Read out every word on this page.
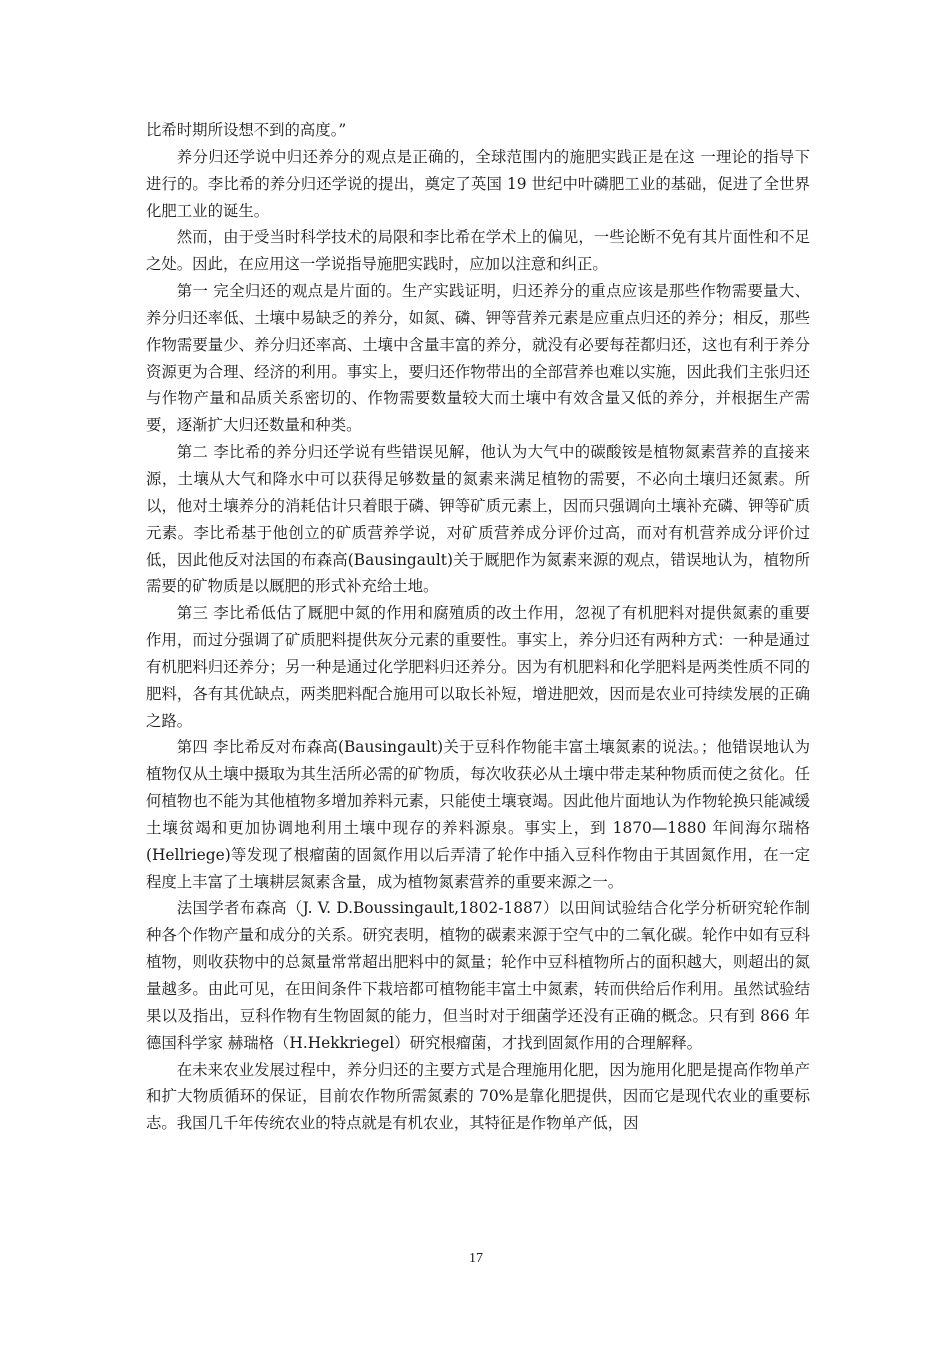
比希时期所设想不到的高度。”

养分归还学说中归还养分的观点是正确的，全球范围内的施肥实践正是在这 一理论的指导下进行的。李比希的养分归还学说的提出，奠定了英国 19 世纪中叶磷肥工业的基础，促进了全世界化肥工业的诞生。

然而，由于受当时科学技术的局限和李比希在学术上的偏见，一些论断不免有其片面性和不足之处。因此，在应用这一学说指导施肥实践时，应加以注意和纠正。

第一 完全归还的观点是片面的。生产实践证明，归还养分的重点应该是那些作物需要量大、养分归还率低、土壤中易缺乏的养分，如氮、磷、钾等营养元素是应重点归还的养分；相反，那些作物需要量少、养分归还率高、土壤中含量丰富的养分，就没有必要每茬都归还，这也有利于养分资源更为合理、经济的利用。事实上，要归还作物带出的全部营养也难以实施，因此我们主张归还与作物产量和品质关系密切的、作物需要数量较大而土壤中有效含量又低的养分，并根据生产需要，逐渐扩大归还数量和种类。

第二 李比希的养分归还学说有些错误见解，他认为大气中的碳酸铵是植物氮素营养的直接来源，土壤从大气和降水中可以获得足够数量的氮素来满足植物的需要，不必向土壤归还氮素。所以，他对土壤养分的消耗估计只着眼于磷、钾等矿质元素上，因而只强调向土壤补充磷、钾等矿质元素。李比希基于他创立的矿质营养学说，对矿质营养成分评价过高，而对有机营养成分评价过低，因此他反对法国的布森高(Bausingault)关于厩肥作为氮素来源的观点，错误地认为，植物所需要的矿物质是以厩肥的形式补充给土地。

第三 李比希低估了厩肥中氮的作用和腐殖质的改土作用，忽视了有机肥料对提供氮素的重要作用，而过分强调了矿质肥料提供灰分元素的重要性。事实上，养分归还有两种方式：一种是通过有机肥料归还养分；另一种是通过化学肥料归还养分。因为有机肥料和化学肥料是两类性质不同的肥料，各有其优缺点，两类肥料配合施用可以取长补短，增进肥效，因而是农业可持续发展的正确之路。

第四 李比希反对布森高(Bausingault)关于豆科作物能丰富土壤氮素的说法。；他错误地认为植物仅从土壤中摄取为其生活所必需的矿物质，每次收获必从土壤中带走某种物质而使之贫化。任何植物也不能为其他植物多增加养料元素，只能使土壤衰竭。因此他片面地认为作物轮换只能减缓土壤贫竭和更加协调地利用土壤中现存的养料源泉。事实上，到 1870—1880 年间海尔瑞格(Hellriege)等发现了根瘤菌的固氮作用以后弄清了轮作中插入豆科作物由于其固氮作用，在一定程度上丰富了土壤耕层氮素含量，成为植物氮素营养的重要来源之一。

法国学者布森高（J. V. D.Boussingault,1802-1887）以田间试验结合化学分析研究轮作制种各个作物产量和成分的关系。研究表明，植物的碳素来源于空气中的二氧化碳。轮作中如有豆科植物，则收获物中的总氮量常常超出肥料中的氮量；轮作中豆科植物所占的面积越大，则超出的氮量越多。由此可见，在田间条件下栽培都可植物能丰富土中氮素，转而供给后作利用。虽然试验结果以及指出，豆科作物有生物固氮的能力，但当时对于细菌学还没有正确的概念。只有到 866 年德国科学家 赫瑞格（H.Hekkriegel）研究根瘤菌，才找到固氮作用的合理解释。

在未来农业发展过程中，养分归还的主要方式是合理施用化肥，因为施用化肥是提高作物单产和扩大物质循环的保证，目前农作物所需氮素的 70%是靠化肥提供，因而它是现代农业的重要标志。我国几千年传统农业的特点就是有机农业，其特征是作物单产低，因

17
